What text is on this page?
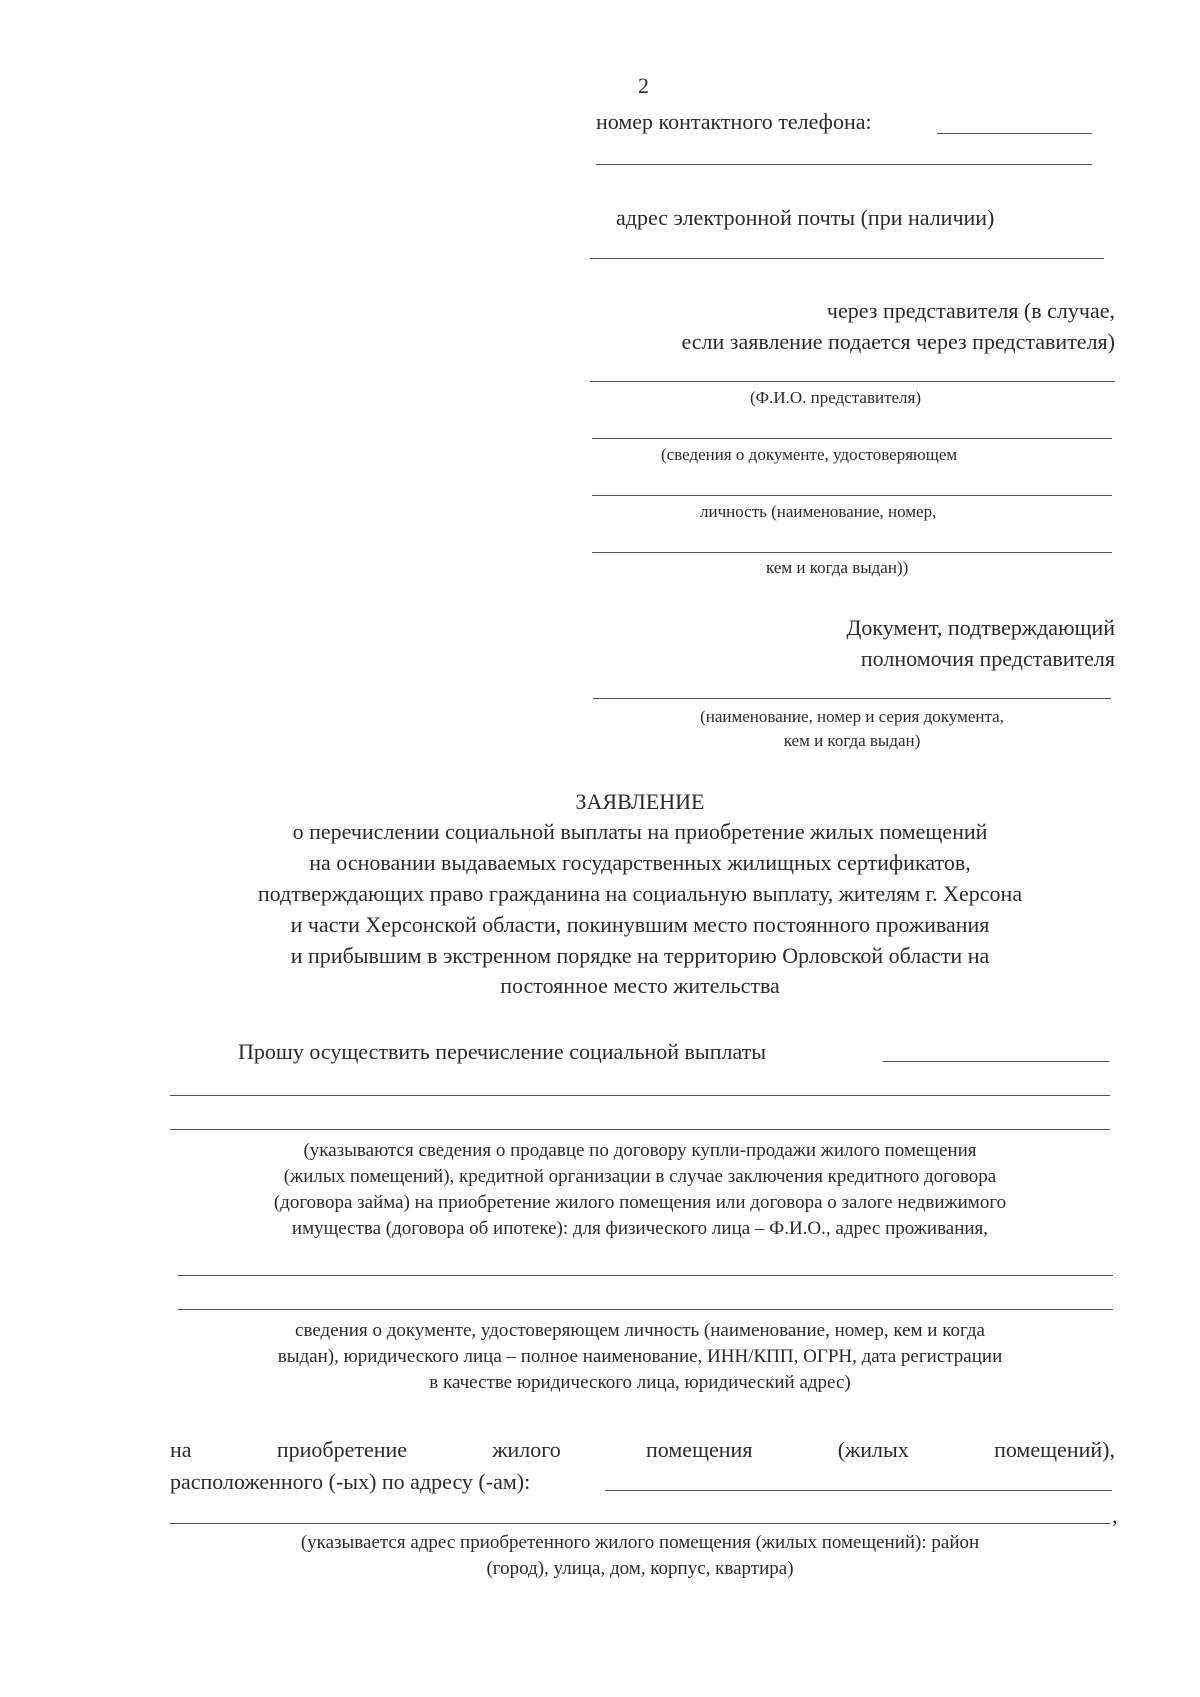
2
номер контактного телефона:
адрес электронной почты (при наличии)
через представителя (в случае,
если заявление подается через представителя)
(Ф.И.О. представителя)
(сведения о документе, удостоверяющем
личность (наименование, номер,
кем и когда выдан))
Документ, подтверждающий
полномочия представителя
(наименование, номер и серия документа,
кем и когда выдан)
ЗАЯВЛЕНИЕ
о перечислении социальной выплаты на приобретение жилых помещений
на основании выдаваемых государственных жилищных сертификатов,
подтверждающих право гражданина на социальную выплату, жителям г. Херсона
и части Херсонской области, покинувшим место постоянного проживания
и прибывшим в экстренном порядке на территорию Орловской области на
постоянное место жительства
Прошу осуществить перечисление социальной выплаты
(указываются сведения о продавце по договору купли-продажи жилого помещения
(жилых помещений), кредитной организации в случае заключения кредитного договора
(договора займа) на приобретение жилого помещения или договора о залоге недвижимого
имущества (договора об ипотеке): для физического лица – Ф.И.О., адрес проживания,
сведения о документе, удостоверяющем личность (наименование, номер, кем и когда
выдан), юридического лица – полное наименование, ИНН/КПП, ОГРН, дата регистрации
в качестве юридического лица, юридический адрес)
на	приобретение	жилого	помещения	(жилых	помещений),
расположенного (-ых) по адресу (-ам):
,
(указывается адрес приобретенного жилого помещения (жилых помещений): район
(город), улица, дом, корпус, квартира)
